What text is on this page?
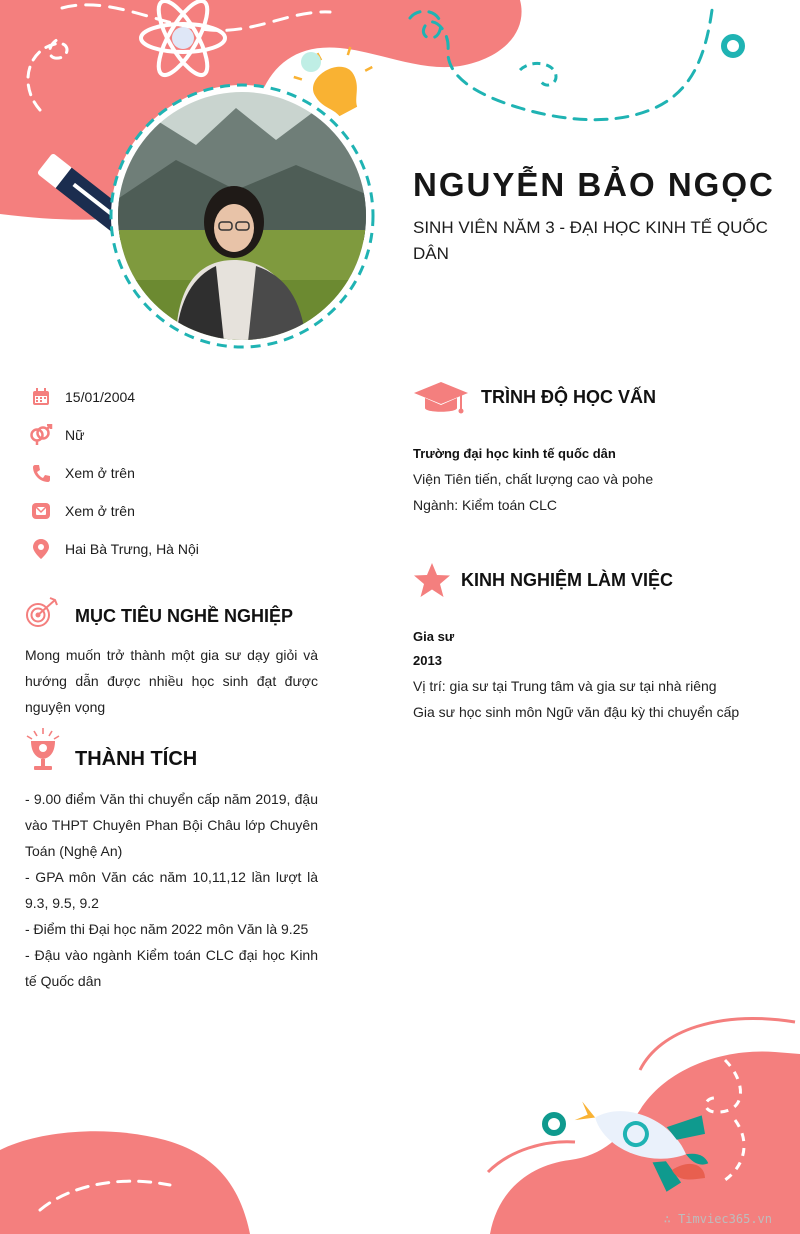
NGUYỄN BẢO NGỌC
SINH VIÊN NĂM 3 - ĐẠI HỌC KINH TẾ QUỐC DÂN
15/01/2004
Nữ
Xem ở trên
Xem ở trên
Hai Bà Trưng, Hà Nội
MỤC TIÊU NGHỀ NGHIỆP

Mong muốn trở thành một gia sư dạy giỏi và hướng dẫn được nhiều học sinh đạt được nguyện vọng

THÀNH TÍCH

- 9.00 điểm Văn thi chuyển cấp năm 2019, đậu vào THPT Chuyên Phan Bội Châu lớp Chuyên Toán (Nghệ An)

- GPA môn Văn các năm 10,11,12 lần lượt là 9.3, 9.5, 9.2

- Điểm thi Đại học năm 2022 môn Văn là 9.25

- Đậu vào ngành Kiểm toán CLC đại học Kinh tế Quốc dân

TRÌNH ĐỘ HỌC VẤN
Trường đại học kinh tế quốc dân
Viện Tiên tiến, chất lượng cao và pohe
Ngành: Kiểm toán CLC
KINH NGHIỆM LÀM VIỆC
Gia sư
2013
Vị trí: gia sư tại Trung tâm và gia sư tại nhà riêng
Gia sư học sinh môn Ngữ văn đậu kỳ thi chuyển cấp
∴ Timviec365.vn
